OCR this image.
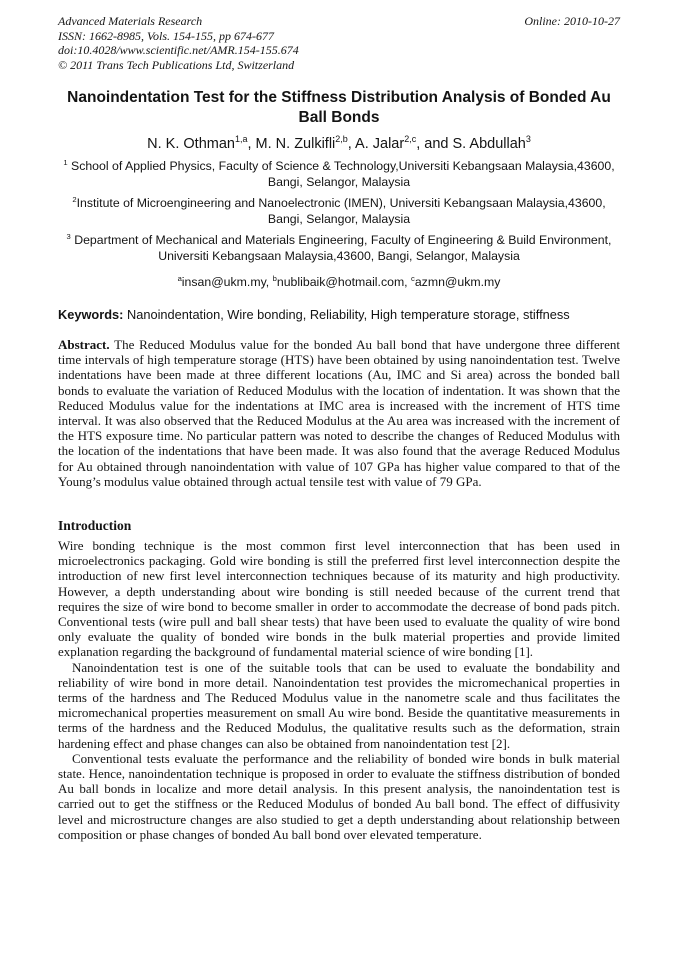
Advanced Materials Research
ISSN: 1662-8985, Vols. 154-155, pp 674-677
doi:10.4028/www.scientific.net/AMR.154-155.674
© 2011 Trans Tech Publications Ltd, Switzerland
Online: 2010-10-27
Nanoindentation Test for the Stiffness Distribution Analysis of Bonded Au Ball Bonds
N. K. Othman$^{1,a}$, M. N. Zulkifli$^{2,b}$, A. Jalar$^{2,c}$, and S. Abdullah$^3$
$^1$ School of Applied Physics, Faculty of Science & Technology,Universiti Kebangsaan Malaysia,43600, Bangi, Selangor, Malaysia
$^2$Institute of Microengineering and Nanoelectronic (IMEN), Universiti Kebangsaan Malaysia,43600, Bangi, Selangor, Malaysia
$^3$ Department of Mechanical and Materials Engineering, Faculty of Engineering & Build Environment, Universiti Kebangsaan Malaysia,43600, Bangi, Selangor, Malaysia
$^a$insan@ukm.my, $^b$nublibaik@hotmail.com, $^c$azmn@ukm.my
Keywords: Nanoindentation, Wire bonding, Reliability, High temperature storage, stiffness
Abstract. The Reduced Modulus value for the bonded Au ball bond that have undergone three different time intervals of high temperature storage (HTS) have been obtained by using nanoindentation test. Twelve indentations have been made at three different locations (Au, IMC and Si area) across the bonded ball bonds to evaluate the variation of Reduced Modulus with the location of indentation. It was shown that the Reduced Modulus value for the indentations at IMC area is increased with the increment of HTS time interval. It was also observed that the Reduced Modulus at the Au area was increased with the increment of the HTS exposure time. No particular pattern was noted to describe the changes of Reduced Modulus with the location of the indentations that have been made. It was also found that the average Reduced Modulus for Au obtained through nanoindentation with value of 107 GPa has higher value compared to that of the Young’s modulus value obtained through actual tensile test with value of 79 GPa.
Introduction

Wire bonding technique is the most common first level interconnection that has been used in microelectronics packaging. Gold wire bonding is still the preferred first level interconnection despite the introduction of new first level interconnection techniques because of its maturity and high productivity. However, a depth understanding about wire bonding is still needed because of the current trend that requires the size of wire bond to become smaller in order to accommodate the decrease of bond pads pitch. Conventional tests (wire pull and ball shear tests) that have been used to evaluate the quality of wire bond only evaluate the quality of bonded wire bonds in the bulk material properties and provide limited explanation regarding the background of fundamental material science of wire bonding [1].

Nanoindentation test is one of the suitable tools that can be used to evaluate the bondability and reliability of wire bond in more detail. Nanoindentation test provides the micromechanical properties in terms of the hardness and The Reduced Modulus value in the nanometre scale and thus facilitates the micromechanical properties measurement on small Au wire bond. Beside the quantitative measurements in terms of the hardness and the Reduced Modulus, the qualitative results such as the deformation, strain hardening effect and phase changes can also be obtained from nanoindentation test [2].

Conventional tests evaluate the performance and the reliability of bonded wire bonds in bulk material state. Hence, nanoindentation technique is proposed in order to evaluate the stiffness distribution of bonded Au ball bonds in localize and more detail analysis. In this present analysis, the nanoindentation test is carried out to get the stiffness or the Reduced Modulus of bonded Au ball bond. The effect of diffusivity level and microstructure changes are also studied to get a depth understanding about relationship between composition or phase changes of bonded Au ball bond over elevated temperature.
